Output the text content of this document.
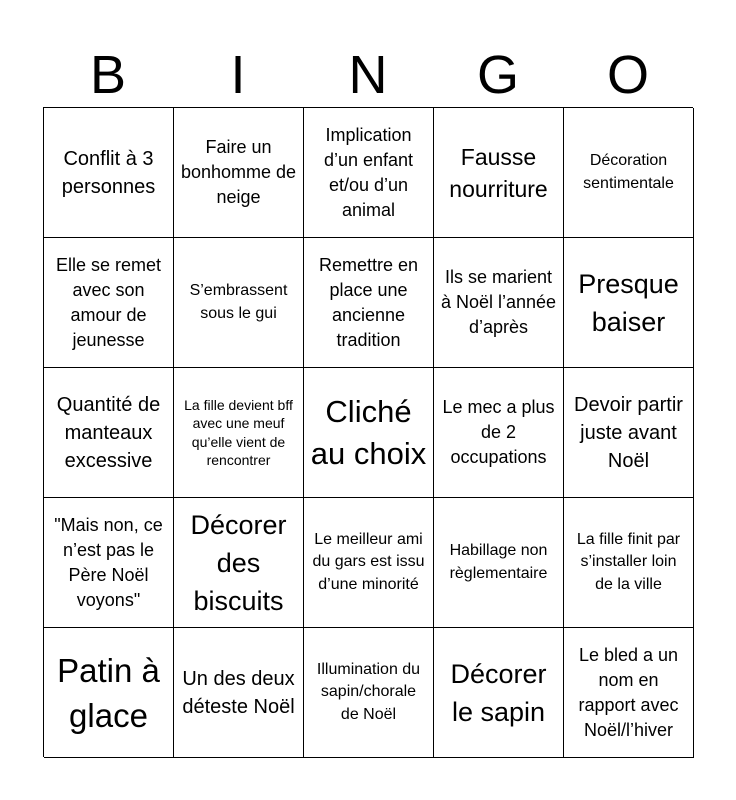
B	I	N	G	O
Conflit à 3 personnes
Faire un bonhomme de neige
Implication d’un enfant et/ou d’un animal
Fausse nourriture
Décoration sentimentale
Elle se remet avec son amour de jeunesse
S’embrassent sous le gui
Remettre en place une ancienne tradition
Ils se marient à Noël l’année d’après
Presque baiser
Quantité de manteaux excessive
La fille devient bff avec une meuf qu’elle vient de rencontrer
Cliché au choix
Le mec a plus de 2 occupations
Devoir partir juste avant Noël
"Mais non, ce n’est pas le Père Noël voyons"
Décorer des biscuits
Le meilleur ami du gars est issu d’une minorité
Habillage non règlementaire
La fille finit par s’installer loin de la ville
Patin à glace
Un des deux déteste Noël
Illumination du sapin/chorale de Noël
Décorer le sapin
Le bled a un nom en rapport avec Noël/l’hiver
